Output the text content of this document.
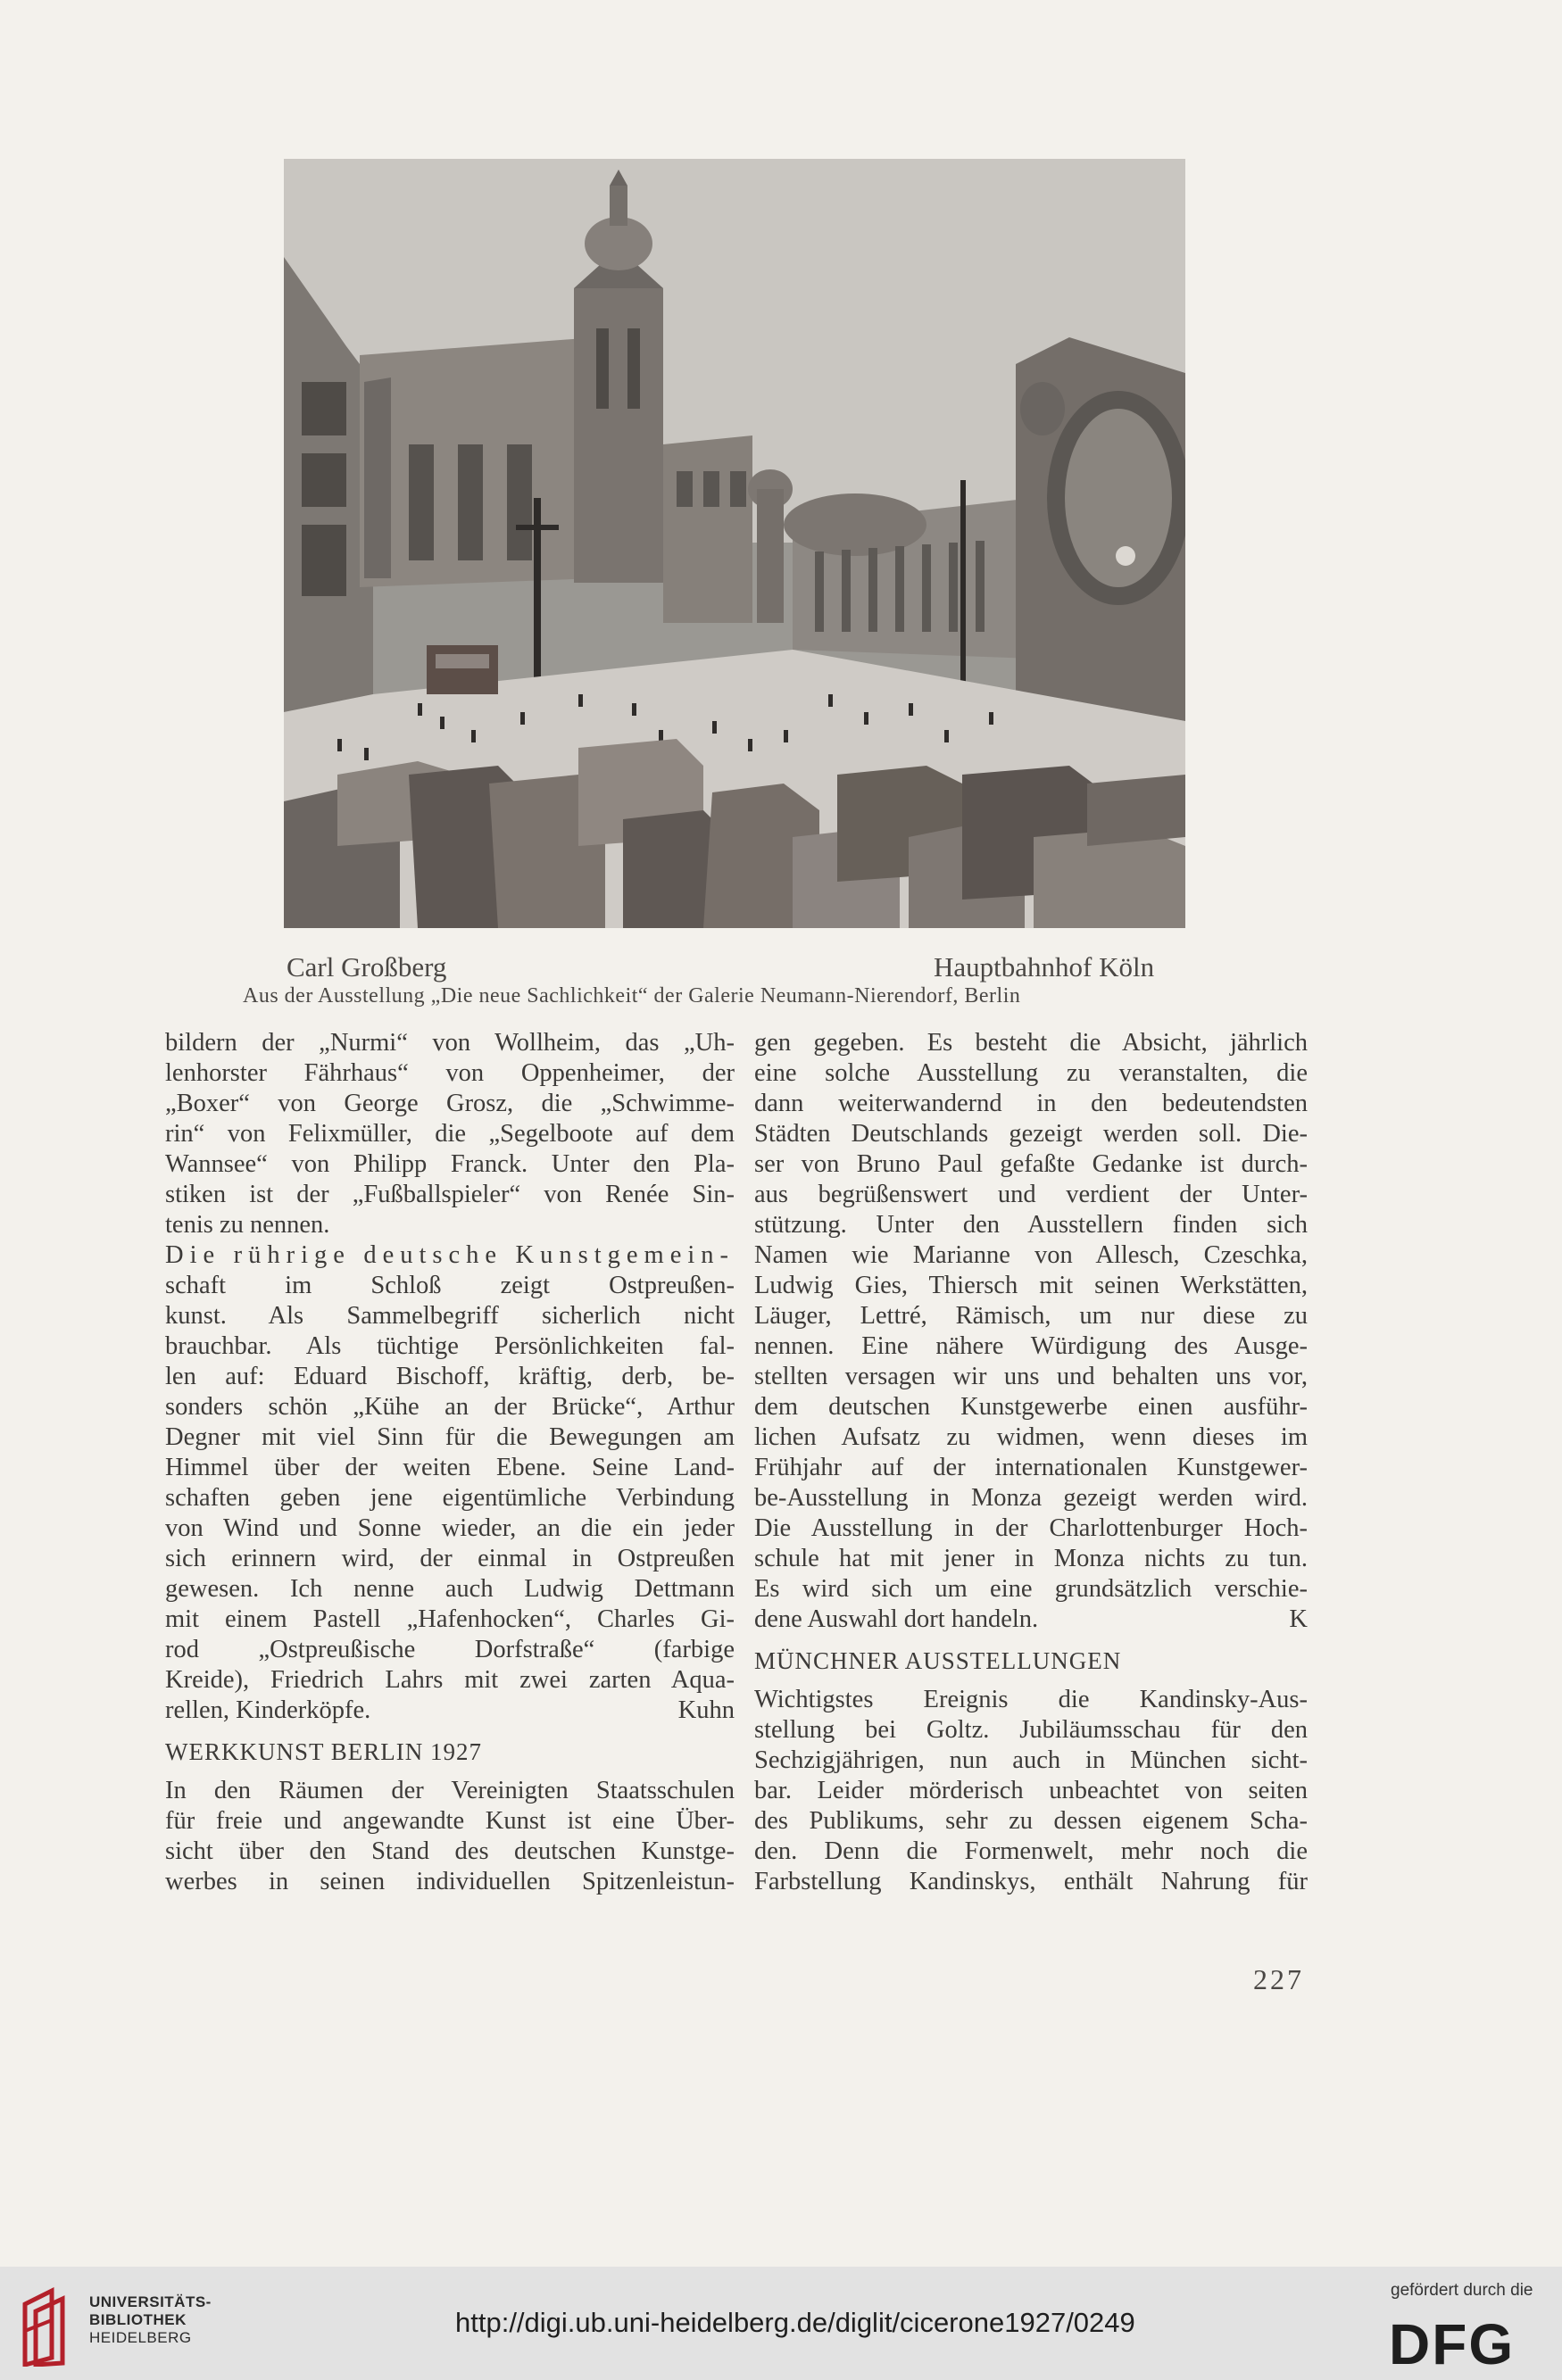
Carl Großberg	Hauptbahnhof Köln
Aus der Ausstellung „Die neue Sachlichkeit“ der Galerie Neumann-Nierendorf, Berlin
bildern der „Nurmi“ von Wollheim, das „Uh-
lenhorster Fährhaus“ von Oppenheimer, der
„Boxer“ von George Grosz, die „Schwimme-
rin“ von Felixmüller, die „Segelboote auf dem
Wannsee“ von Philipp Franck. Unter den Pla-
stiken ist der „Fußballspieler“ von Renée Sin-
tenis zu nennen.
Die rührige deutsche Kunstgemein-
schaft im Schloß zeigt Ostpreußen-
kunst. Als Sammelbegriff sicherlich nicht
brauchbar. Als tüchtige Persönlichkeiten fal-
len auf: Eduard Bischoff, kräftig, derb, be-
sonders schön „Kühe an der Brücke“, Arthur
Degner mit viel Sinn für die Bewegungen am
Himmel über der weiten Ebene. Seine Land-
schaften geben jene eigentümliche Verbindung
von Wind und Sonne wieder, an die ein jeder
sich erinnern wird, der einmal in Ostpreußen
gewesen. Ich nenne auch Ludwig Dettmann
mit einem Pastell „Hafenhocken“, Charles Gi-
rod „Ostpreußische Dorfstraße“ (farbige
Kreide), Friedrich Lahrs mit zwei zarten Aqua-
rellen, Kinderköpfe.	Kuhn
WERKKUNST BERLIN 1927
In den Räumen der Vereinigten Staatsschulen
für freie und angewandte Kunst ist eine Über-
sicht über den Stand des deutschen Kunstge-
werbes in seinen individuellen Spitzenleistun-
gen gegeben. Es besteht die Absicht, jährlich
eine solche Ausstellung zu veranstalten, die
dann weiterwandernd in den bedeutendsten
Städten Deutschlands gezeigt werden soll. Die-
ser von Bruno Paul gefaßte Gedanke ist durch-
aus begrüßenswert und verdient der Unter-
stützung. Unter den Ausstellern finden sich
Namen wie Marianne von Allesch, Czeschka,
Ludwig Gies, Thiersch mit seinen Werkstätten,
Läuger, Lettré, Rämisch, um nur diese zu
nennen. Eine nähere Würdigung des Ausge-
stellten versagen wir uns und behalten uns vor,
dem deutschen Kunstgewerbe einen ausführ-
lichen Aufsatz zu widmen, wenn dieses im
Frühjahr auf der internationalen Kunstgewer-
be-Ausstellung in Monza gezeigt werden wird.
Die Ausstellung in der Charlottenburger Hoch-
schule hat mit jener in Monza nichts zu tun.
Es wird sich um eine grundsätzlich verschie-
dene Auswahl dort handeln.	K
MÜNCHNER AUSSTELLUNGEN
Wichtigstes Ereignis die Kandinsky-Aus-
stellung bei Goltz. Jubiläumsschau für den
Sechzigjährigen, nun auch in München sicht-
bar. Leider mörderisch unbeachtet von seiten
des Publikums, sehr zu dessen eigenem Scha-
den. Denn die Formenwelt, mehr noch die
Farbstellung Kandinskys, enthält Nahrung für
227
UNIVERSITÄTS-
BIBLIOTHEK
HEIDELBERG	http://digi.ub.uni-heidelberg.de/diglit/cicerone1927/0249
gefördert durch die
DFG
